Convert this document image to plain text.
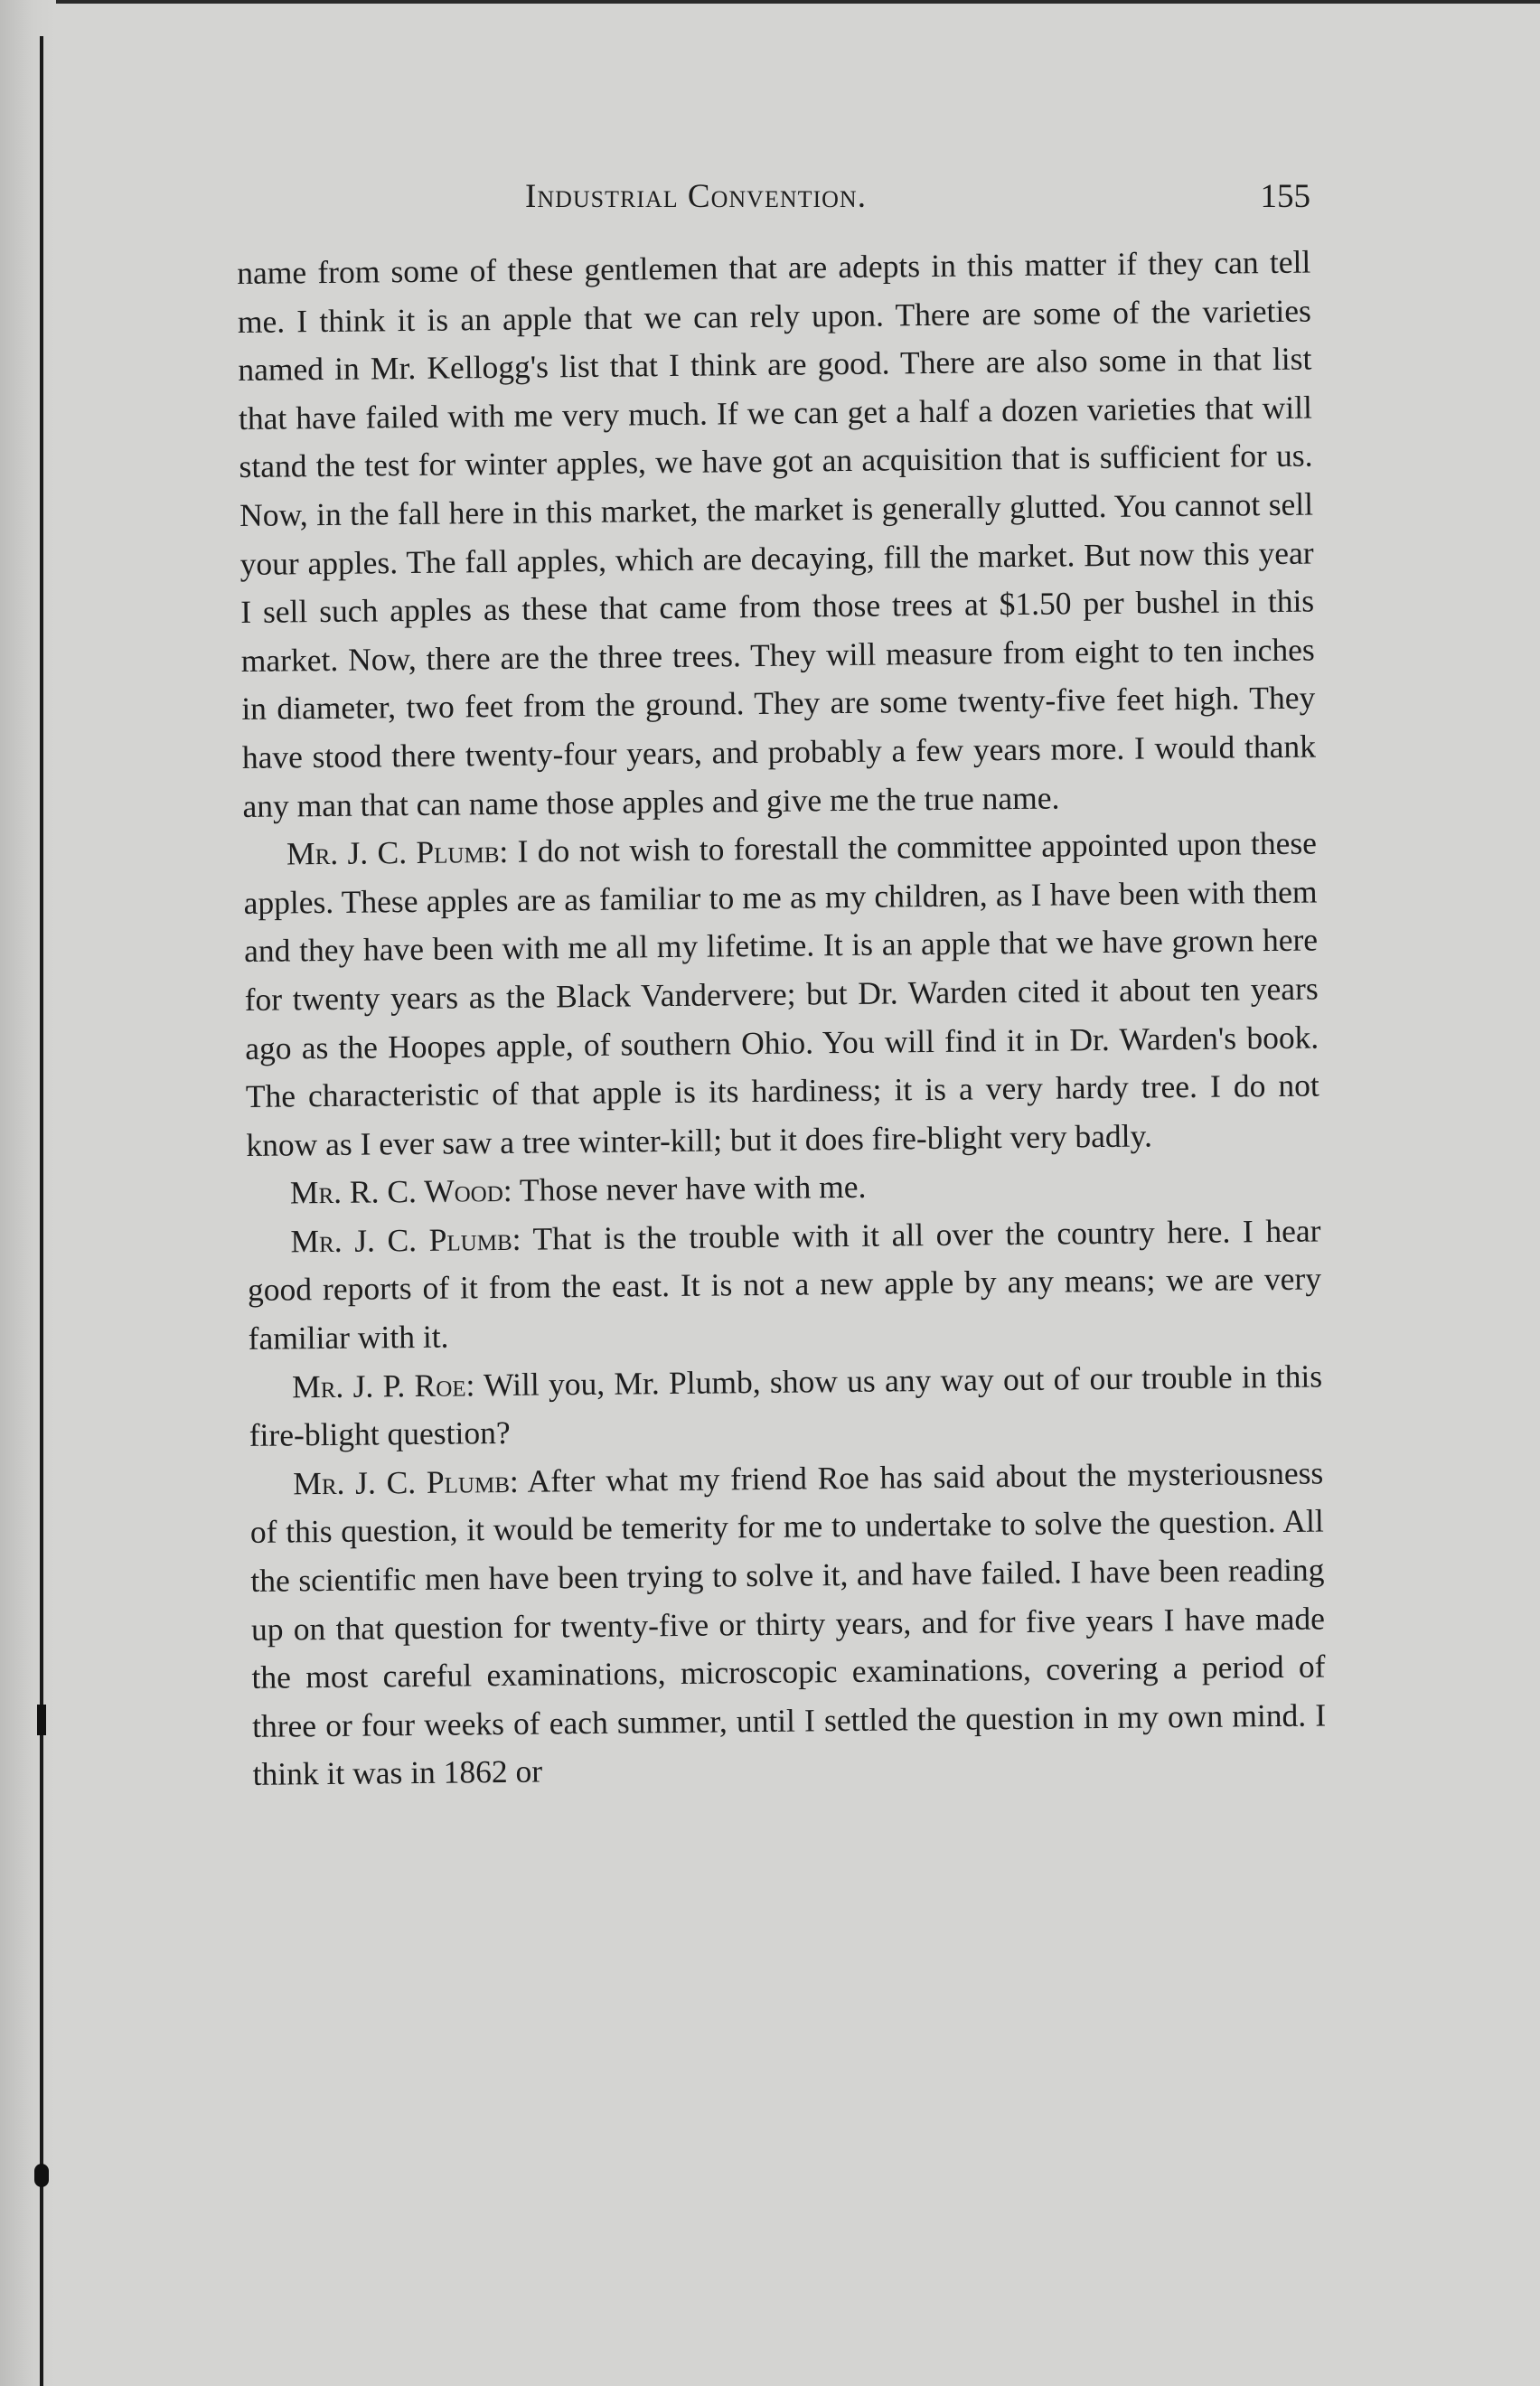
Industrial Convention.	155

name from some of these gentlemen that are adepts in this matter if they can tell me. I think it is an apple that we can rely upon. There are some of the varieties named in Mr. Kellogg's list that I think are good. There are also some in that list that have failed with me very much. If we can get a half a dozen varieties that will stand the test for winter apples, we have got an acquisition that is sufficient for us. Now, in the fall here in this market, the market is generally glutted. You cannot sell your apples. The fall apples, which are decaying, fill the market. But now this year I sell such apples as these that came from those trees at $1.50 per bushel in this market. Now, there are the three trees. They will measure from eight to ten inches in diameter, two feet from the ground. They are some twenty-five feet high. They have stood there twenty-four years, and probably a few years more. I would thank any man that can name those apples and give me the true name.

Mr. J. C. Plumb: I do not wish to forestall the committee appointed upon these apples. These apples are as familiar to me as my children, as I have been with them and they have been with me all my lifetime. It is an apple that we have grown here for twenty years as the Black Vandervere; but Dr. Warden cited it about ten years ago as the Hoopes apple, of southern Ohio. You will find it in Dr. Warden's book. The characteristic of that apple is its hardiness; it is a very hardy tree. I do not know as I ever saw a tree winter-kill; but it does fire-blight very badly.

Mr. R. C. Wood: Those never have with me.

Mr. J. C. Plumb: That is the trouble with it all over the country here. I hear good reports of it from the east. It is not a new apple by any means; we are very familiar with it.

Mr. J. P. Roe: Will you, Mr. Plumb, show us any way out of our trouble in this fire-blight question?

Mr. J. C. Plumb: After what my friend Roe has said about the mysteriousness of this question, it would be temerity for me to undertake to solve the question. All the scientific men have been trying to solve it, and have failed. I have been reading up on that question for twenty-five or thirty years, and for five years I have made the most careful examinations, microscopic examinations, covering a period of three or four weeks of each summer, until I settled the question in my own mind. I think it was in 1862 or
